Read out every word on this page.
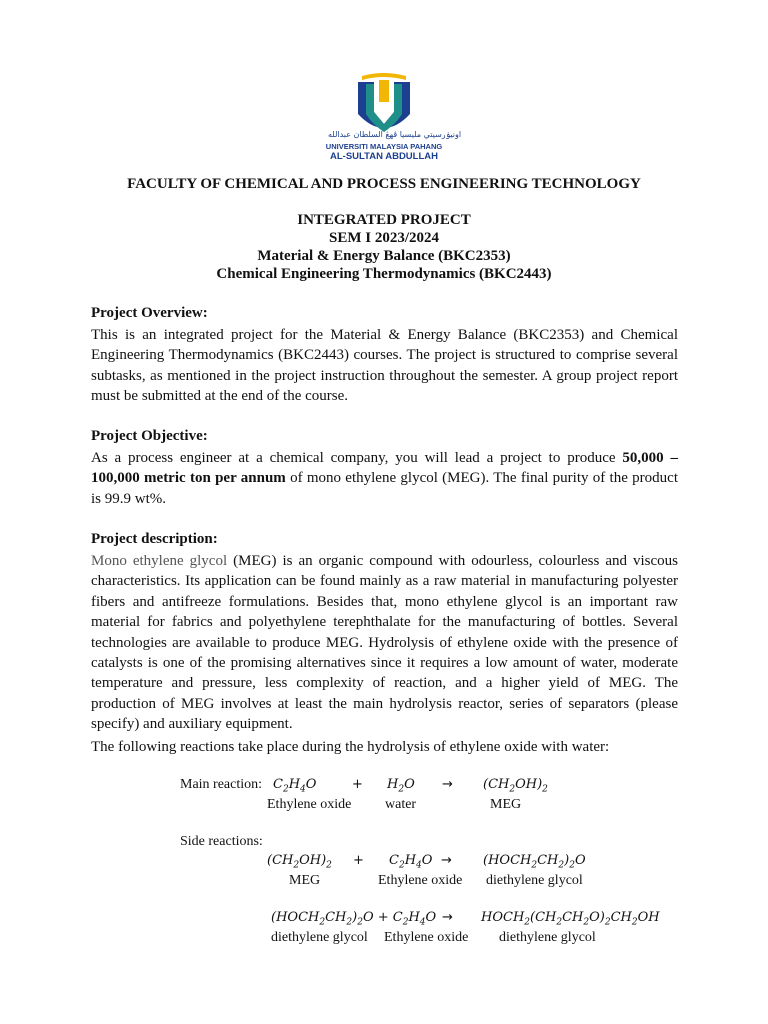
اونيۏرسيتي مليسيا ڤهڠ السلطان عبدالله
UNIVERSITI MALAYSIA PAHANG
AL-SULTAN ABDULLAH
FACULTY OF CHEMICAL AND PROCESS ENGINEERING TECHNOLOGY
INTEGRATED PROJECT
SEM I 2023/2024
Material & Energy Balance (BKC2353)
Chemical Engineering Thermodynamics (BKC2443)
Project Overview:
This is an integrated project for the Material & Energy Balance (BKC2353) and Chemical Engineering Thermodynamics (BKC2443) courses. The project is structured to comprise several subtasks, as mentioned in the project instruction throughout the semester. A group project report must be submitted at the end of the course.
Project Objective:
As a process engineer at a chemical company, you will lead a project to produce 50,000 – 100,000 metric ton per annum of mono ethylene glycol (MEG). The final purity of the product is 99.9 wt%.
Project description:
Mono ethylene glycol (MEG) is an organic compound with odourless, colourless and viscous characteristics. Its application can be found mainly as a raw material in manufacturing polyester fibers and antifreeze formulations. Besides that, mono ethylene glycol is an important raw material for fabrics and polyethylene terephthalate for the manufacturing of bottles. Several technologies are available to produce MEG. Hydrolysis of ethylene oxide with the presence of catalysts is one of the promising alternatives since it requires a low amount of water, moderate temperature and pressure, less complexity of reaction, and a higher yield of MEG. The production of MEG involves at least the main hydrolysis reactor, series of separators (please specify) and auxiliary equipment.
The following reactions take place during the hydrolysis of ethylene oxide with water:
Main reaction: $C_2H_4O$	+ $H_2O \to (CH_2OH)_2$
Ethylene oxide water	MEG
Side reactions:
$(CH_2OH)_2 + C_2H_4O$ → $(HOCH_2CH_2)_2O$
MEG	Ethylene oxide diethylene glycol
$(HOCH_2CH_2)_2O + C_2H_4O$ → $HOCH_2(CH_2CH_2O)_2CH_2OH$
diethylene glycol Ethylene oxide diethylene glycol
